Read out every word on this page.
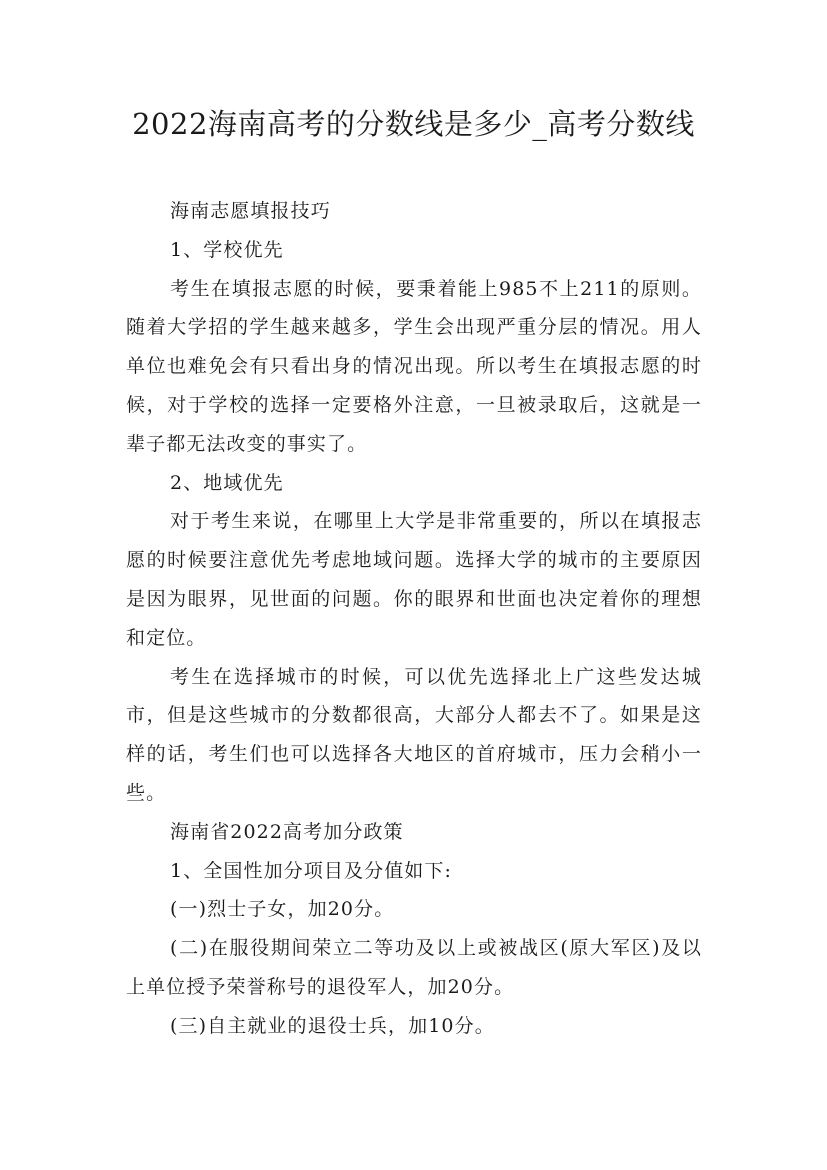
2022海南高考的分数线是多少_高考分数线

海南志愿填报技巧

1、学校优先

考生在填报志愿的时候，要秉着能上985不上211的原则。随着大学招的学生越来越多，学生会出现严重分层的情况。用人单位也难免会有只看出身的情况出现。所以考生在填报志愿的时候，对于学校的选择一定要格外注意，一旦被录取后，这就是一辈子都无法改变的事实了。

2、地域优先

对于考生来说，在哪里上大学是非常重要的，所以在填报志愿的时候要注意优先考虑地域问题。选择大学的城市的主要原因是因为眼界，见世面的问题。你的眼界和世面也决定着你的理想和定位。

考生在选择城市的时候，可以优先选择北上广这些发达城市，但是这些城市的分数都很高，大部分人都去不了。如果是这样的话，考生们也可以选择各大地区的首府城市，压力会稍小一些。

海南省2022高考加分政策

1、全国性加分项目及分值如下:

(一)烈士子女，加20分。

(二)在服役期间荣立二等功及以上或被战区(原大军区)及以上单位授予荣誉称号的退役军人，加20分。

(三)自主就业的退役士兵，加10分。
